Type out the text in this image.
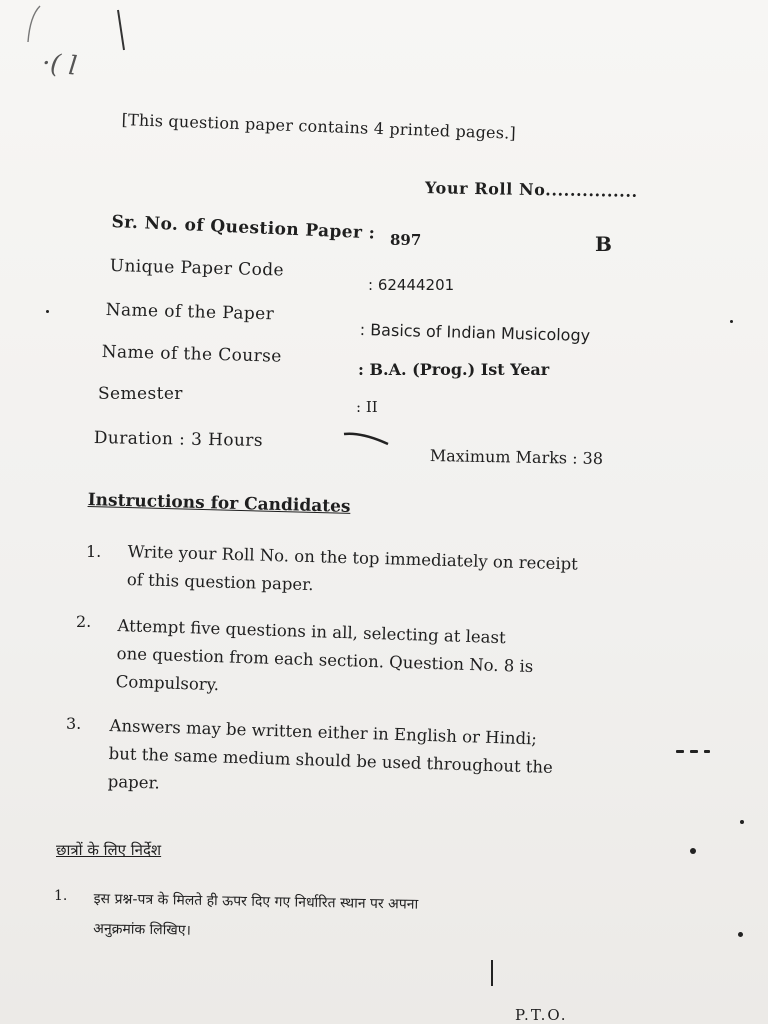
·( l
[This question paper contains 4 printed pages.]
Your Roll No...............
Sr. No. of Question Paper : 897	B
Unique Paper Code
: 62444201
Name of the Paper
: Basics of Indian Musicology
Name of the Course
: B.A. (Prog.) Ist Year
Semester
: II
Duration : 3 Hours
Maximum Marks : 38
Instructions for Candidates
1. Write your Roll No. on the top immediately on receipt
of this question paper.
2. Attempt five questions in all, selecting at least
one question from each section. Question No. 8 is
Compulsory.
3. Answers may be written either in English or Hindi;
but the same medium should be used throughout the
paper.
छात्रों के लिए निर्देश
1. इस प्रश्न-पत्र के मिलते ही ऊपर दिए गए निर्धारित स्थान पर अपना
अनुक्रमांक लिखिए।
P.T.O.
